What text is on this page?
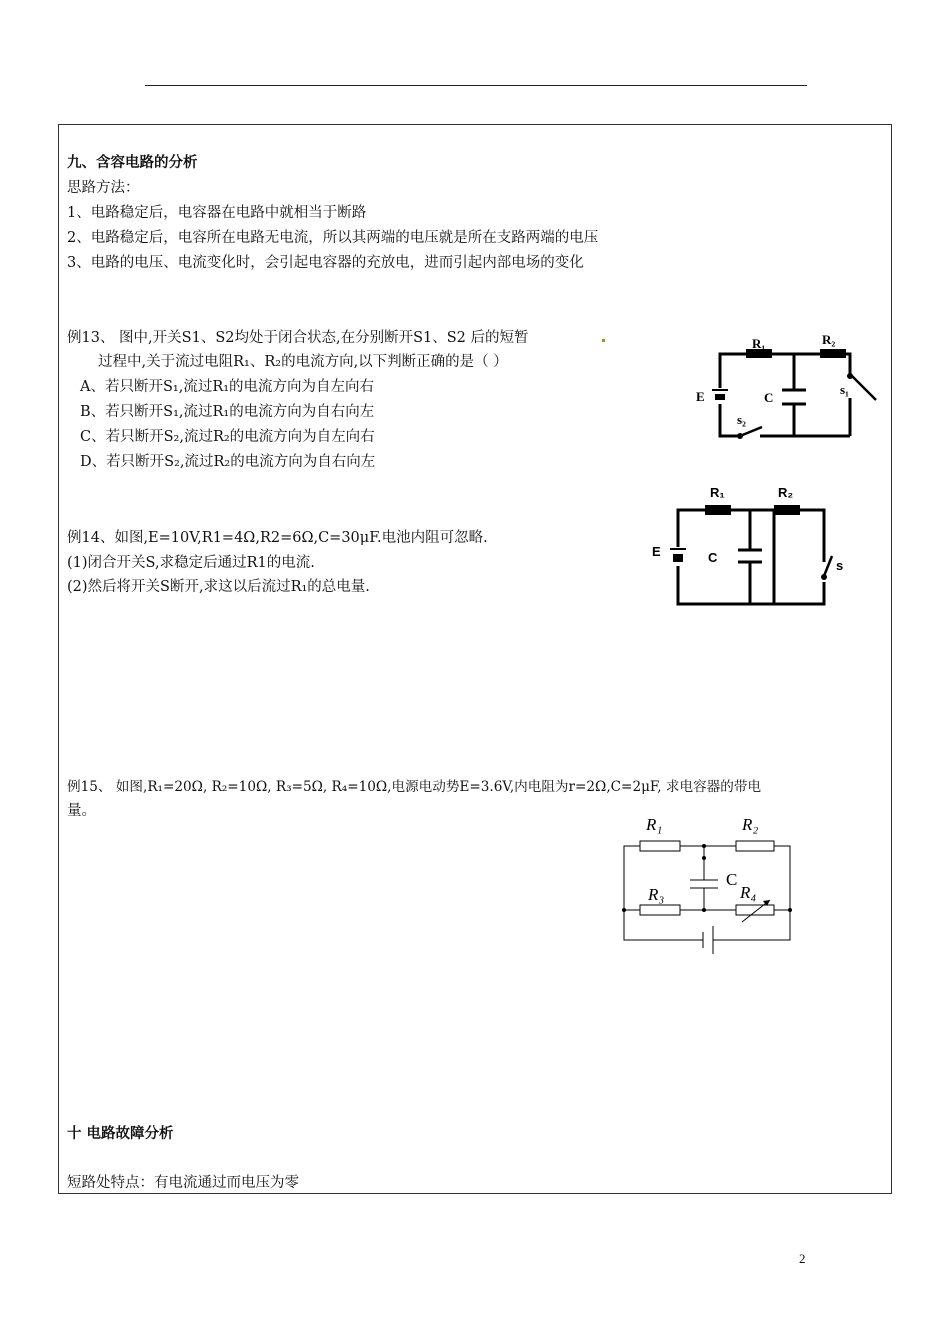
九、含容电路的分析
思路方法：
1、电路稳定后，电容器在电路中就相当于断路
2、电路稳定后，电容所在电路无电流，所以其两端的电压就是所在支路两端的电压
3、电路的电压、电流变化时，会引起电容器的充放电，进而引起内部电场的变化
例13、 图中,开关S1、S2均处于闭合状态,在分别断开S1、S2 后的短暂
过程中,关于流过电阻R₁、R₂的电流方向,以下判断正确的是（ ）
A、若只断开S₁,流过R₁的电流方向为自左向右
B、若只断开S₁,流过R₁的电流方向为自右向左
C、若只断开S₂,流过R₂的电流方向为自左向右
D、若只断开S₂,流过R₂的电流方向为自右向左
R₁	R₂
E	C
s₁
s₂
例14、如图,E=10V,R1=4Ω,R2=6Ω,C=30μF.电池内阻可忽略.
(1)闭合开关S,求稳定后通过R1的电流.
(2)然后将开关S断开,求这以后流过R₁的总电量.
R₁	R₂
E	C
s
例15、 如图,R₁=20Ω, R₂=10Ω, R₃=5Ω, R₄=10Ω,电源电动势E=3.6V,内电阻为r=2Ω,C=2μF, 求电容器的带电
量。
R₁	R₂
R₃	R₄
C
十 电路故障分析
短路处特点：有电流通过而电压为零
2
